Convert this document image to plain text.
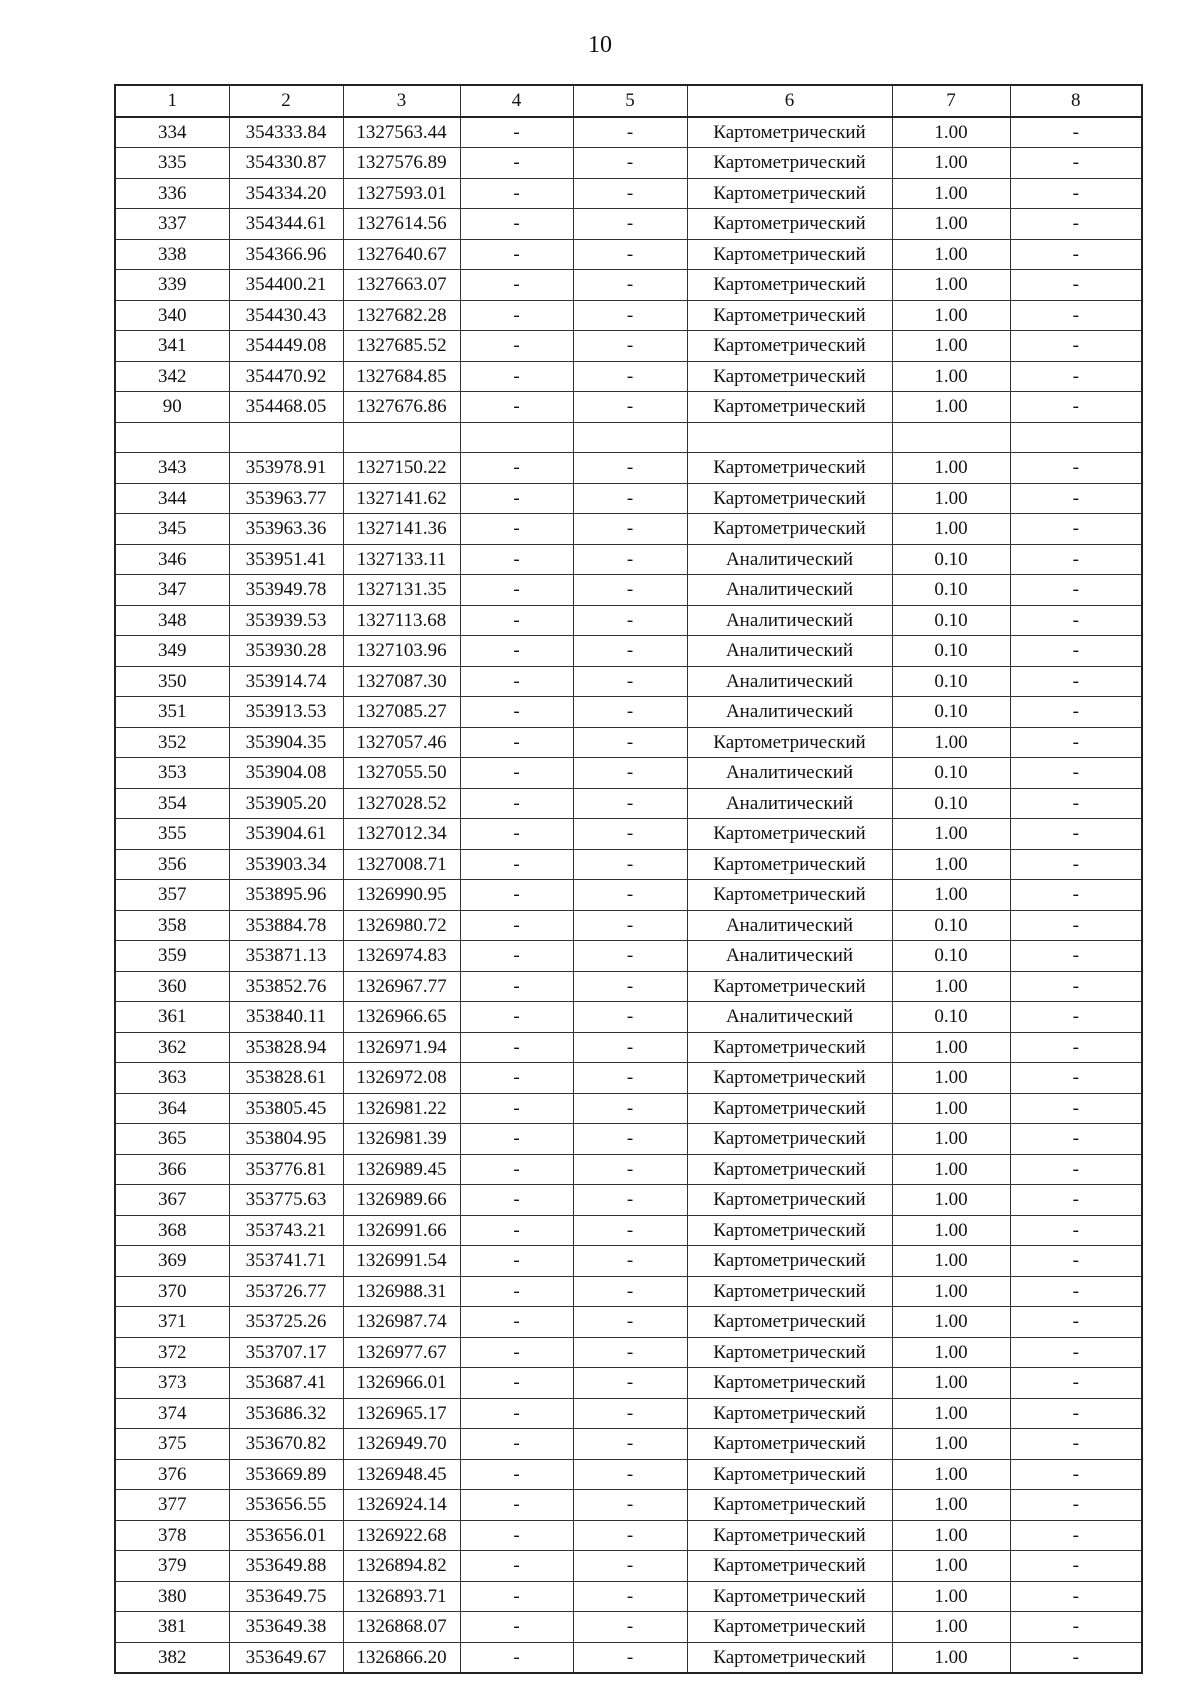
10
1	2	3	4	5	6	7	8
334	354333.84	1327563.44	-	-	Картометрический	1.00	-
335	354330.87	1327576.89	-	-	Картометрический	1.00	-
336	354334.20	1327593.01	-	-	Картометрический	1.00	-
337	354344.61	1327614.56	-	-	Картометрический	1.00	-
338	354366.96	1327640.67	-	-	Картометрический	1.00	-
339	354400.21	1327663.07	-	-	Картометрический	1.00	-
340	354430.43	1327682.28	-	-	Картометрический	1.00	-
341	354449.08	1327685.52	-	-	Картометрический	1.00	-
342	354470.92	1327684.85	-	-	Картометрический	1.00	-
90	354468.05	1327676.86	-	-	Картометрический	1.00	-

343	353978.91	1327150.22	-	-	Картометрический	1.00	-
344	353963.77	1327141.62	-	-	Картометрический	1.00	-
345	353963.36	1327141.36	-	-	Картометрический	1.00	-
346	353951.41	1327133.11	-	-	Аналитический	0.10	-
347	353949.78	1327131.35	-	-	Аналитический	0.10	-
348	353939.53	1327113.68	-	-	Аналитический	0.10	-
349	353930.28	1327103.96	-	-	Аналитический	0.10	-
350	353914.74	1327087.30	-	-	Аналитический	0.10	-
351	353913.53	1327085.27	-	-	Аналитический	0.10	-
352	353904.35	1327057.46	-	-	Картометрический	1.00	-
353	353904.08	1327055.50	-	-	Аналитический	0.10	-
354	353905.20	1327028.52	-	-	Аналитический	0.10	-
355	353904.61	1327012.34	-	-	Картометрический	1.00	-
356	353903.34	1327008.71	-	-	Картометрический	1.00	-
357	353895.96	1326990.95	-	-	Картометрический	1.00	-
358	353884.78	1326980.72	-	-	Аналитический	0.10	-
359	353871.13	1326974.83	-	-	Аналитический	0.10	-
360	353852.76	1326967.77	-	-	Картометрический	1.00	-
361	353840.11	1326966.65	-	-	Аналитический	0.10	-
362	353828.94	1326971.94	-	-	Картометрический	1.00	-
363	353828.61	1326972.08	-	-	Картометрический	1.00	-
364	353805.45	1326981.22	-	-	Картометрический	1.00	-
365	353804.95	1326981.39	-	-	Картометрический	1.00	-
366	353776.81	1326989.45	-	-	Картометрический	1.00	-
367	353775.63	1326989.66	-	-	Картометрический	1.00	-
368	353743.21	1326991.66	-	-	Картометрический	1.00	-
369	353741.71	1326991.54	-	-	Картометрический	1.00	-
370	353726.77	1326988.31	-	-	Картометрический	1.00	-
371	353725.26	1326987.74	-	-	Картометрический	1.00	-
372	353707.17	1326977.67	-	-	Картометрический	1.00	-
373	353687.41	1326966.01	-	-	Картометрический	1.00	-
374	353686.32	1326965.17	-	-	Картометрический	1.00	-
375	353670.82	1326949.70	-	-	Картометрический	1.00	-
376	353669.89	1326948.45	-	-	Картометрический	1.00	-
377	353656.55	1326924.14	-	-	Картометрический	1.00	-
378	353656.01	1326922.68	-	-	Картометрический	1.00	-
379	353649.88	1326894.82	-	-	Картометрический	1.00	-
380	353649.75	1326893.71	-	-	Картометрический	1.00	-
381	353649.38	1326868.07	-	-	Картометрический	1.00	-
382	353649.67	1326866.20	-	-	Картометрический	1.00	-
